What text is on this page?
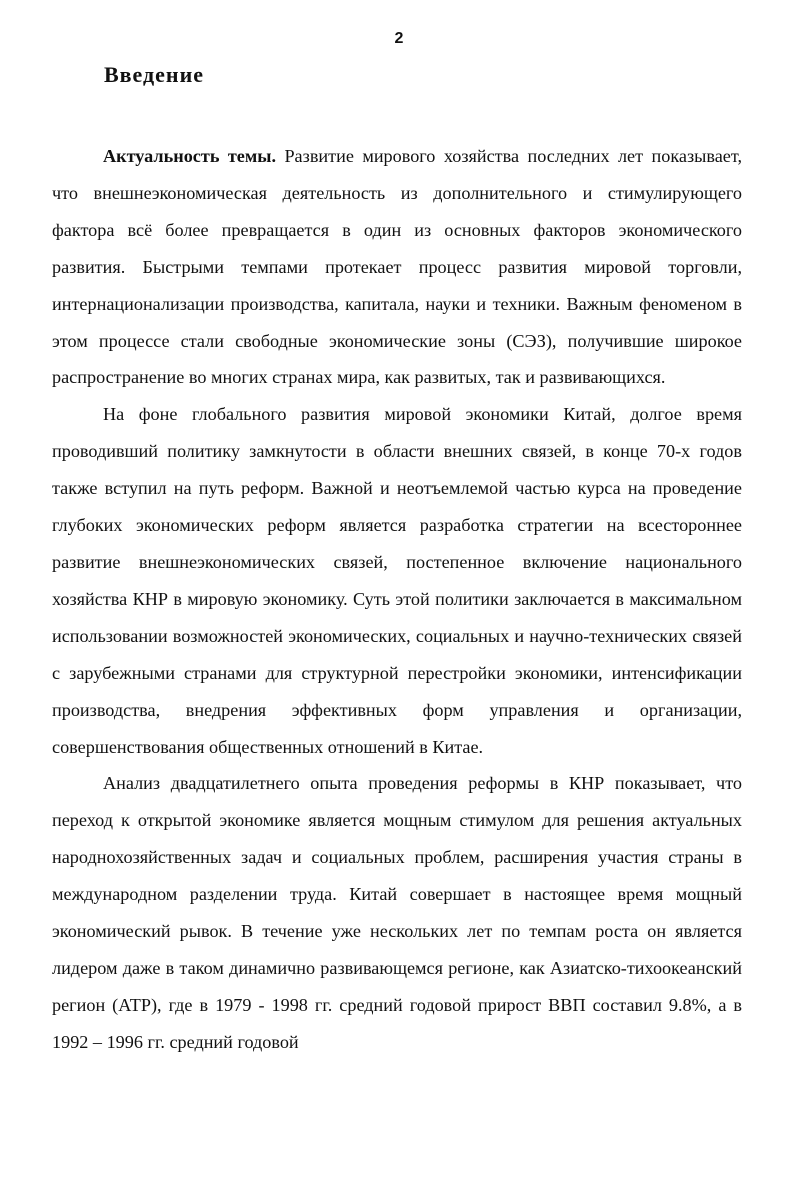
2
Введение

Актуальность темы. Развитие мирового хозяйства последних лет показывает, что внешнеэкономическая деятельность из дополнительного и стимулирующего фактора всё более превращается в один из основных факторов экономического развития. Быстрыми темпами протекает процесс развития мировой торговли, интернационализации производства, капитала, науки и техники. Важным феноменом в этом процессе стали свободные экономические зоны (СЭЗ), получившие широкое распространение во многих странах мира, как развитых, так и развивающихся.

На фоне глобального развития мировой экономики Китай, долгое время проводивший политику замкнутости в области внешних связей, в конце 70-х годов также вступил на путь реформ. Важной и неотъемлемой частью курса на проведение глубоких экономических реформ является разработка стратегии на всестороннее развитие внешнеэкономических связей, постепенное включение национального хозяйства КНР в мировую экономику. Суть этой политики заключается в максимальном использовании возможностей экономических, социальных и научно-технических связей с зарубежными странами для структурной перестройки экономики, интенсификации производства, внедрения эффективных форм управления и организации, совершенствования общественных отношений в Китае.

Анализ двадцатилетнего опыта проведения реформы в КНР показывает, что переход к открытой экономике является мощным стимулом для решения актуальных народнохозяйственных задач и социальных проблем, расширения участия страны в международном разделении труда. Китай совершает в настоящее время мощный экономический рывок. В течение уже нескольких лет по темпам роста он является лидером даже в таком динамично развивающемся регионе, как Азиатско-тихоокеанский регион (АТР), где в 1979 - 1998 гг. средний годовой прирост ВВП составил 9.8%, а в 1992 – 1996 гг. средний годовой
